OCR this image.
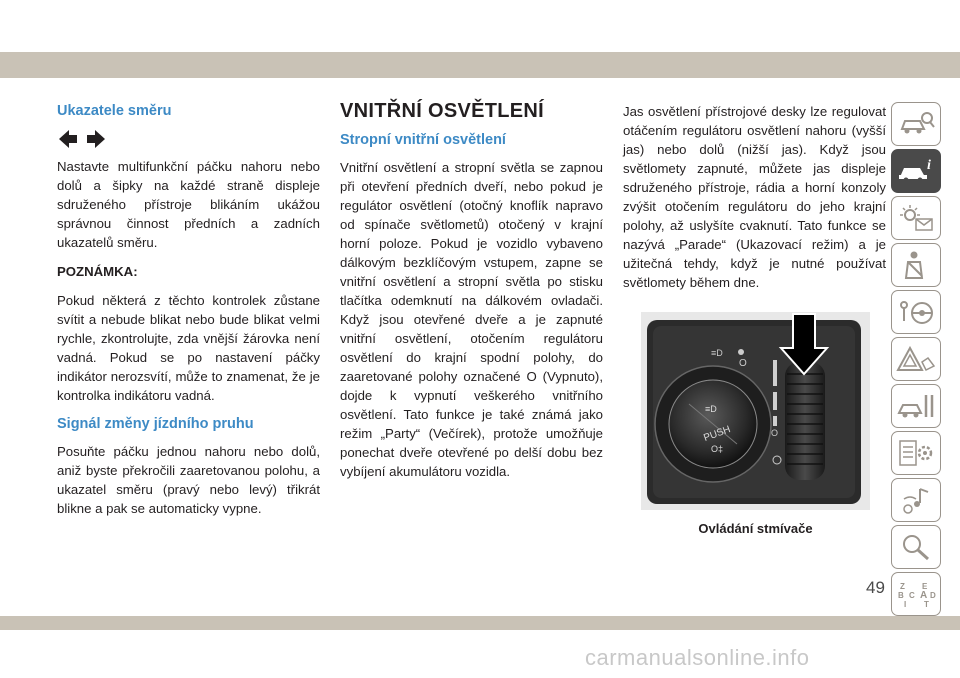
Ukazatele směru

Nastavte multifunkční páčku nahoru nebo dolů a šipky na každé straně displeje sdruženého přístroje blikáním ukážou správnou činnost předních a zadních ukazatelů směru.

POZNÁMKA:

Pokud některá z těchto kontrolek zůstane svítit a nebude blikat nebo bude blikat velmi rychle, zkontrolujte, zda vnější žárovka není vadná. Pokud se po nastavení páčky indikátor nerozsvítí, může to znamenat, že je kontrolka indikátoru vadná.

Signál změny jízdního pruhu

Posuňte páčku jednou nahoru nebo dolů, aniž byste překročili zaaretovanou polohu, a ukazatel směru (pravý nebo levý) třikrát blikne a pak se automaticky vypne.

VNITŘNÍ OSVĚTLENÍ
Stropní vnitřní osvětlení

Vnitřní osvětlení a stropní světla se zapnou při otevření předních dveří, nebo pokud je regulátor osvětlení (otočný knoflík napravo od spínače světlometů) otočený v krajní horní poloze. Pokud je vozidlo vybaveno dálkovým bezklíčovým vstupem, zapne se vnitřní osvětlení a stropní světla po stisku tlačítka odemknutí na dálkovém ovladači. Když jsou otevřené dveře a je zapnuté vnitřní osvětlení, otočením regulátoru osvětlení do krajní spodní polohy, do zaaretované polohy označené O (Vypnuto), dojde k vypnutí veškerého vnitřního osvětlení. Tato funkce je také známá jako režim „Party“ (Večírek), protože umožňuje ponechat dveře otevřené po delší dobu bez vybíjení akumulátoru vozidla.

Jas osvětlení přístrojové desky lze regulovat otáčením regulátoru osvětlení nahoru (vyšší jas) nebo dolů (nižší jas). Když jsou světlomety zapnuté, můžete jas displeje sdruženého přístroje, rádia a horní konzoly zvýšit otočením regulátoru do jeho krajní polohy, až uslyšíte cvaknutí. Tato funkce se nazývá „Parade“ (Ukazovací režim) a je užitečná tehdy, když je nutné používat světlomety během dne.

≡D
PUSH
O‡
≡D
O
O
Ovládání stmívače
i
Z E
B C A D
I T
49
carmanualsonline.info
